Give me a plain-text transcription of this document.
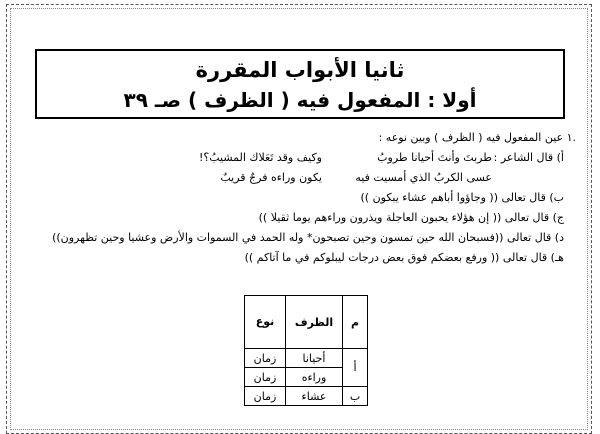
ثانيا الأبواب المقررة
أولا : المفعول فيه ( الظرف ) صـ ٣٩
.١ عين المفعول فيه ( الظرف ) وبين نوعه :
أ) قال الشاعر :
طربتَ وأنتَ أحيانا طروبُ
وكيف وقد تَعَلاك المشيبُ؟!
عسى الكربُ الذي أمسيت فيه
يكون وراءه فرجٌ قريبٌ
ب) قال تعالى (( وجاؤوا أباهم عشاء يبكون ))
ج) قال تعالى (( إن هؤلاء يحبون العاجلة ويذرون وراءهم يوما ثقيلا ))
د) قال تعالى ((فسبحان الله حين تمسون وحين تصبحون* وله الحمد في السموات والأرض وعشيا وحين تظهرون))
هـ) قال تعالى (( ورفع بعضكم فوق بعض درجات ليبلوكم في ما آتاكم ))
م	الظرف	نوع
أ	أحيانا	زمان
	وراءه	زمان
ب	عشاء	زمان
